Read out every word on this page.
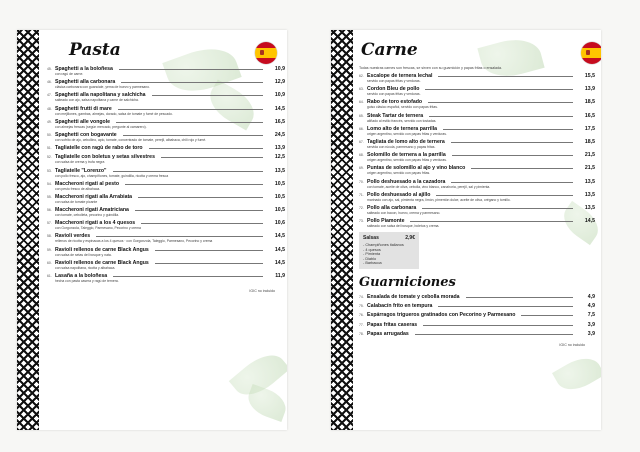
Pasta
45. Spaghetti a la boloñesa	10,9
con ragú de carne.
46. Spaghetti alla carbonara	12,9
clásica carbonara con guanciale, yema de huevo y parmesano.
47. Spaghetti alla napolitana y salchicha	10,9
salteado con ajo, salsa napolitana y carne de salchicha.
48. Spaghetti frutti di mare	14,5
con mejillones, gambas, almejas, dorado, salsa de tomate y fumé de pescado.
49. Spaghetti alle vongole	16,5
con almejas frescas (según mercado, pregunte al camarero).
50. Spaghetti con bogavante	24,5
con sofrito de ajo, cebollino, apio, tomate, concentrado de tomate, perejil, albahaca, chili rojo y fumé.
51. Tagliatelle con ragù de rabo de toro	13,9
52. Tagliatelle con boletus y setas silvestres	12,5
con salsa de crema y trufa negra
53. Tagliatelle "Lorenzo"	13,5
con pollo fresco, ajo, champiñones, tomate, guindilla, ricotta y crema fresca
54. Maccheroni rigati al pesto	10,5
con pesto fresco de albahaca.
55. Maccheroni rigati alla Arrabiata	10,5
con salsa de tomate picante
56. Maccheroni rigati Amatriciana	10,5
con tomate, cebolleta, pecorino y guindilla.
57. Maccheroni rigati a los 4 quesos	10,6
con Gorgonzola, Taleggio, Parmesano, Pecorino y crema
58. Ravioli verdes	14,5
rellenos de ricotta y espinacas a los 4 quesos · con Gorgonzola, Taleggio, Parmesano, Pecorino y crema
59. Ravioli rellenos de carne Black Angus	14,5
con salsa de setas del bosque y nata.
60. Ravioli rellenos de carne Black Angus	14,5
con salsa napolitana, ricotta y albahaca.
61. Lasaña a la boloñesa	11,9
hecha con pasta casera y ragú de ternera.
IGIC no incluido
Carne
Todas nuestras carnes son frescas, se sirven con su guarnición y papas fritas o ensalada.
62. Escalope de ternera lechal	15,5
servido con papas fritas y verduras.
63. Cordon Bleu de pollo	13,9
servido con papas fritas y verduras.
64. Rabo de toro estofado	18,5
guiso clásico español, servido con papas fritas.
65. Steak Tartar de ternera	16,5
aliñado al estilo francés, servido con tostadas.
66. Lomo alto de ternera parrilla	17,5
origen argentino, servido con papas fritas y verduras.
67. Tagliata de lomo alto de ternera	18,5
servida con rúcula, parmesano y papas fritas.
68. Solomillo de ternera a la parrilla	21,5
origen argentino, servido con papas fritas y verduras.
69. Puntas de solomillo al ajo y vino blanco	21,5
origen argentino, servido con papas fritas.
70. Pollo deshuesado a la cazadora	13,5
con tomate, aceite de oliva, cebolla, vino blanco, zanahoria, perejil, sal y pimienta.
71. Pollo deshuesado al ajillo	13,5
marinado con ajo, sal, pimienta negra, limón, pimentón dulce, aceite de oliva, orégano y tomillo.
72. Pollo alla carbonara	13,5
salteado con bacon, huevo, crema y parmesano.
73. Pollo Piamonte	14,5
salteado con salsa del bosque, boletus y crema.
Salsas	2,9€
- Champiñones italianos
- 4 quesos
- Pimienta
- Diablo
- Barbacoa
Guarniciones
74. Ensalada de tomate y cebolla morada	4,9
75. Calabacín frito en tempura	4,9
76. Espárragos trigueros gratinados con Pecorino y Parmesano	7,5
77. Papas fritas caseras	3,9
78. Papas arrugadas	3,9
IGIC no incluido
